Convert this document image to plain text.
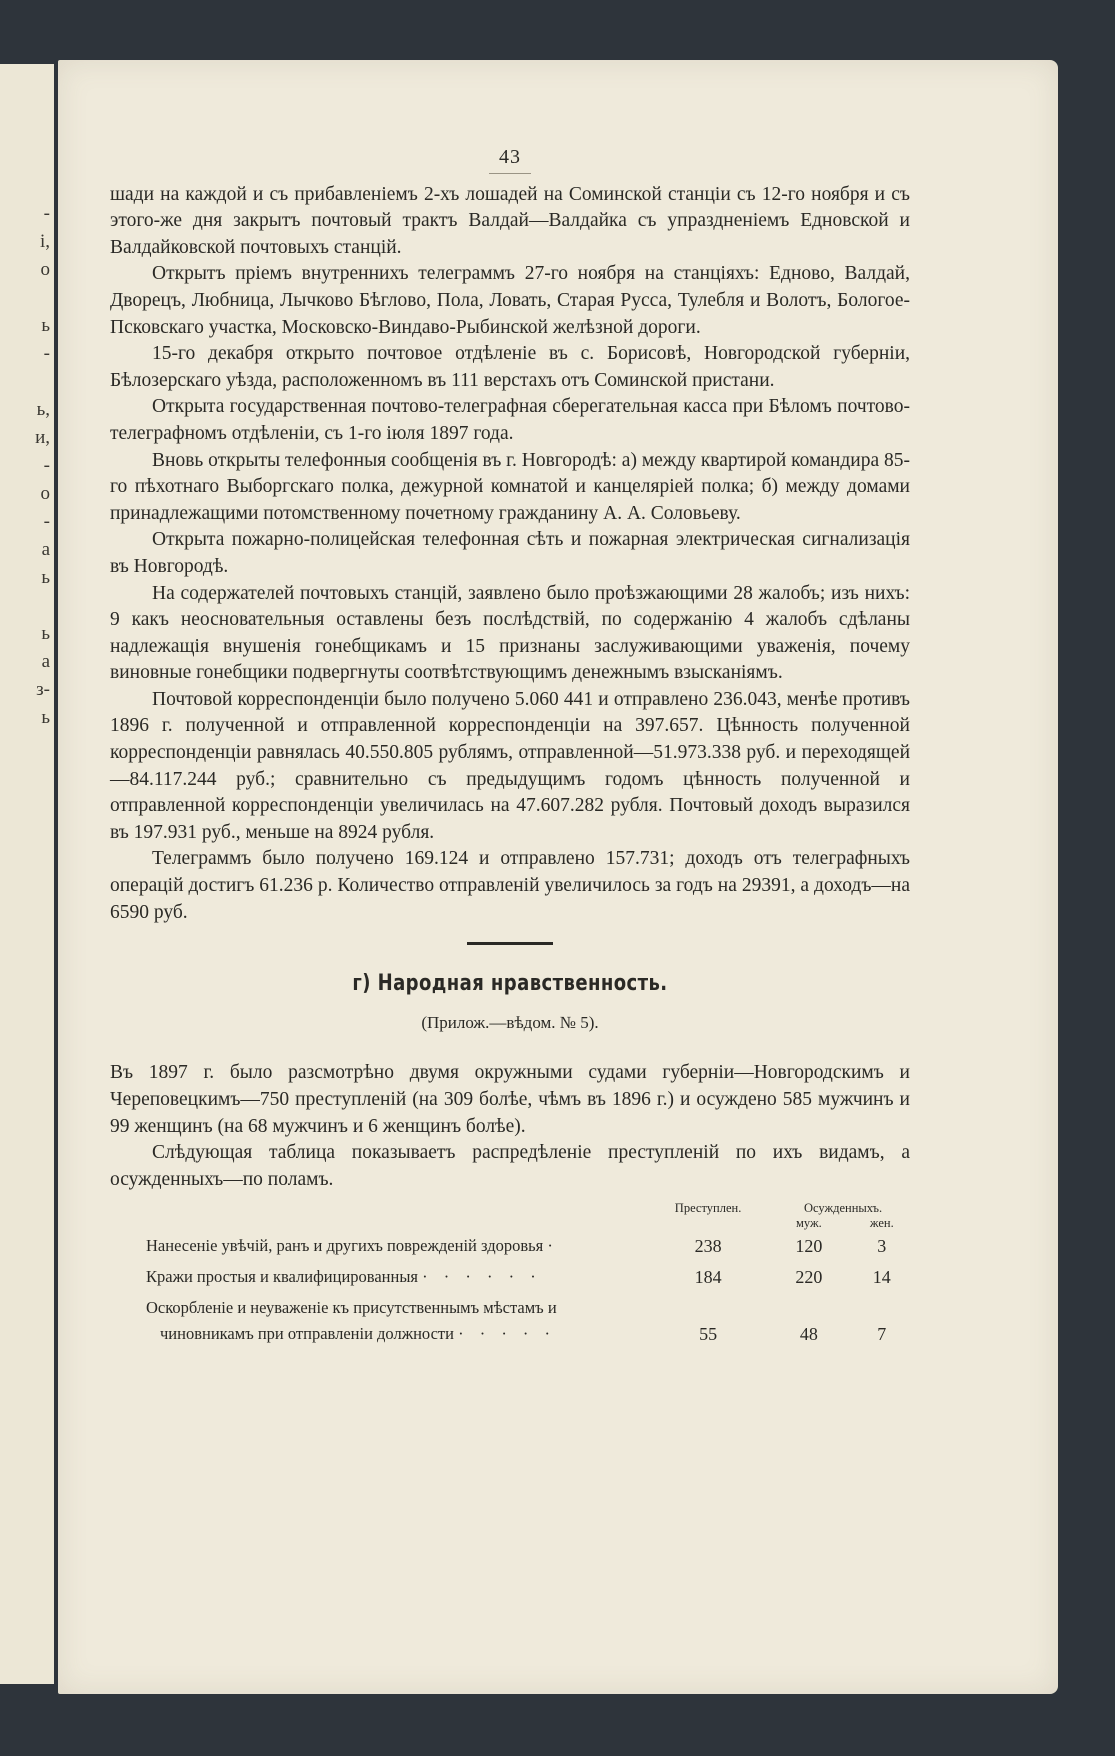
-
і,
о
ь
-
ь,
и,
-
о
-
а
ь
ь
а
з-
ь
43

шади на каждой и съ прибавленіемъ 2-хъ лошадей на Соминской станціи съ 12-го ноября и съ этого-же дня закрытъ почтовый трактъ Валдай—Валдайка съ упраздненіемъ Едновской и Валдайковской почтовыхъ станцій.

Открытъ пріемъ внутреннихъ телеграммъ 27-го ноября на станціяхъ: Едново, Валдай, Дворецъ, Любница, Лычково Бѣглово, Пола, Ловать, Старая Русса, Тулебля и Волотъ, Бологое-Псковскаго участка, Московско-Виндаво-Рыбинской желѣзной дороги.

15-го декабря открыто почтовое отдѣленіе въ с. Борисовѣ, Новгородской губерніи, Бѣлозерскаго уѣзда, расположенномъ въ 111 верстахъ отъ Соминской пристани.

Открыта государственная почтово-телеграфная сберегательная касса при Бѣломъ почтово-телеграфномъ отдѣленіи, съ 1-го іюля 1897 года.

Вновь открыты телефонныя сообщенія въ г. Новгородѣ: а) между квартирой командира 85-го пѣхотнаго Выборгскаго полка, дежурной комнатой и канцеляріей полка; б) между домами принадлежащими потомственному почетному гражданину А. А. Соловьеву.

Открыта пожарно-полицейская телефонная сѣть и пожарная электрическая сигнализація въ Новгородѣ.

На содержателей почтовыхъ станцій, заявлено было проѣзжающими 28 жалобъ; изъ нихъ: 9 какъ неосновательныя оставлены безъ послѣдствій, по содержанію 4 жалобъ сдѣланы надлежащія внушенія гонебщикамъ и 15 признаны заслуживающими уваженія, почему виновные гонебщики подвергнуты соотвѣтствующимъ денежнымъ взысканіямъ.

Почтовой корреспонденціи было получено 5.060 441 и отправлено 236.043, менѣе противъ 1896 г. полученной и отправленной корреспонденціи на 397.657. Цѣнность полученной корреспонденціи равнялась 40.550.805 рублямъ, отправленной—51.973.338 руб. и переходящей—84.117.244 руб.; сравнительно съ предыдущимъ годомъ цѣнность полученной и отправленной корреспонденціи увеличилась на 47.607.282 рубля. Почтовый доходъ выразился въ 197.931 руб., меньше на 8924 рубля.

Телеграммъ было получено 169.124 и отправлено 157.731; доходъ отъ телеграфныхъ операцій достигъ 61.236 р. Количество отправленій увеличилось за годъ на 29391, а доходъ—на 6590 руб.

г) Народная нравственность.
(Прилож.—вѣдом. № 5).

Въ 1897 г. было разсмотрѣно двумя окружными судами губерніи—Новгородскимъ и Череповецкимъ—750 преступленій (на 309 болѣе, чѣмъ въ 1896 г.) и осуждено 585 мужчинъ и 99 женщинъ (на 68 мужчинъ и 6 женщинъ болѣе).

Слѣдующая таблица показываетъ распредѣленіе преступленій по ихъ видамъ, а осужденныхъ—по поламъ.

	Преступлен.	Осужденныхъ.	
		муж.	жен.
Нанесеніе увѣчій, ранъ и другихъ поврежденій здоровья ·	238	120	3
Кражи простыя и квалифицированныя · · · · · ·	184	220	14
Оскорбленіе и неуваженіе къ присутственнымъ мѣстамъ и
чиновникамъ при отправленіи должности · · · · ·	55	48	7
